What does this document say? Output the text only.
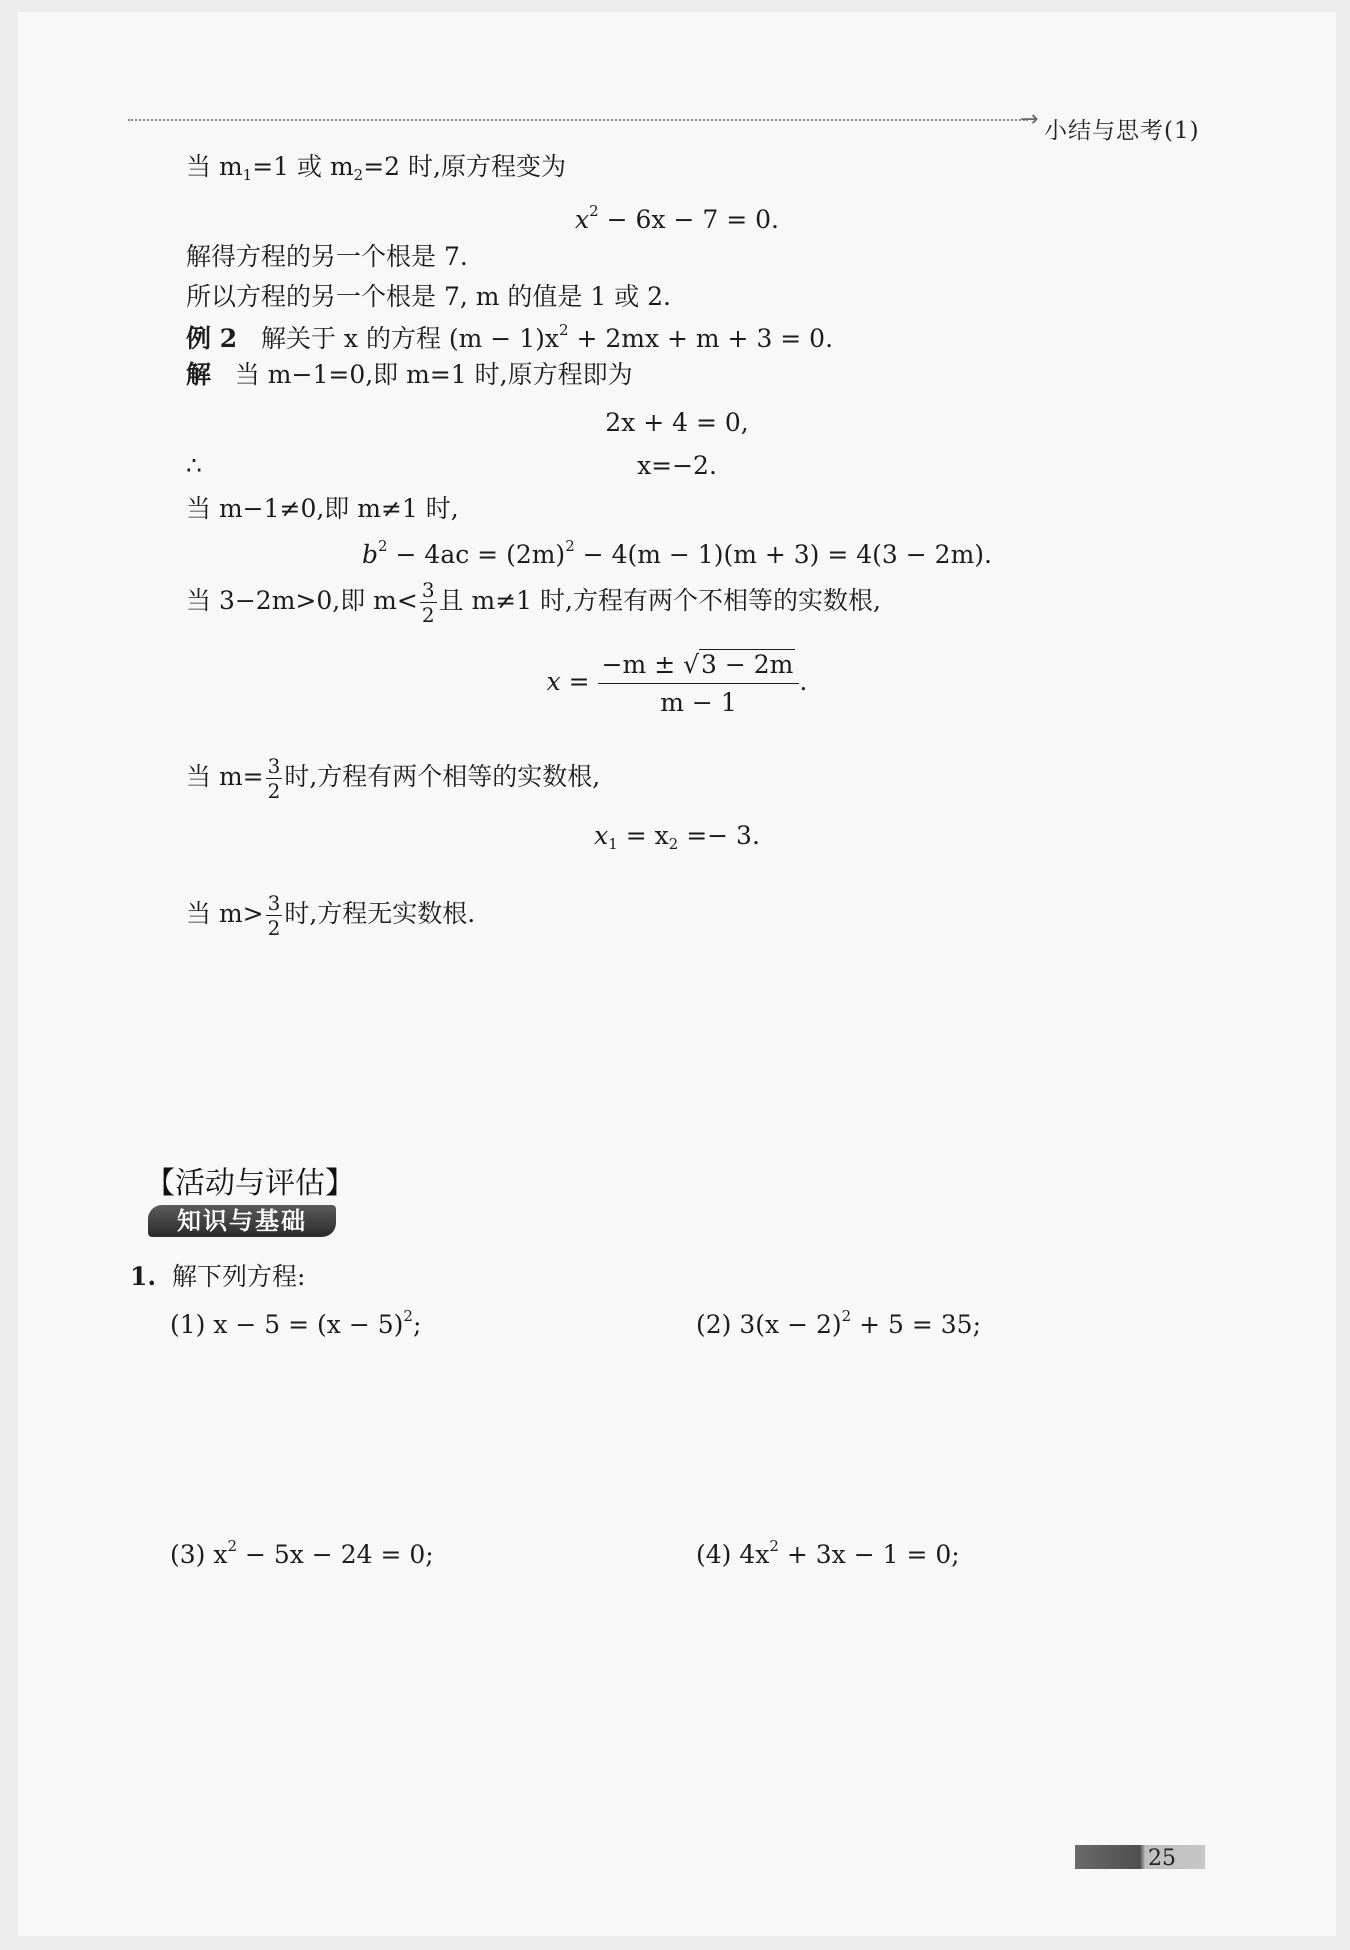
→ 小结与思考(1)
当 $m_1=1$ 或 $m_2=2$ 时,原方程变为
$x^2 - 6x - 7 = 0$.
解得方程的另一个根是 7.
所以方程的另一个根是 7, m 的值是 1 或 2.
例 2 解关于 x 的方程 $(m - 1)x^2 + 2mx + m + 3 = 0$.
解 当 m−1=0,即 m=1 时,原方程即为
2x + 4 = 0,
∴	x=−2.
当 m−1≠0,即 m≠1 时,
$b^2 - 4ac = (2m)^2 - 4(m - 1)(m + 3) = 4(3 - 2m)$.
当 3−2m>0,即 $m< \frac{3}{2}$ 且 m≠1 时,方程有两个不相等的实数根,
$x = \frac{-m \pm √3 - 2m}{m - 1}$ .
当 $m= \frac{3}{2}$ 时,方程有两个相等的实数根,
$x_1 = x_2 =- 3$.
当 $m> \frac{3}{2}$ 时,方程无实数根.
【活动与评估】
知识与基础
1. 解下列方程:
(1) $x - 5 = (x - 5)^2$;	(2) $3(x - 2)^2 + 5 = 35$;
(3) $x^2 - 5x - 24 = 0$;	(4) $4x^2 + 3x - 1 = 0$;
25
